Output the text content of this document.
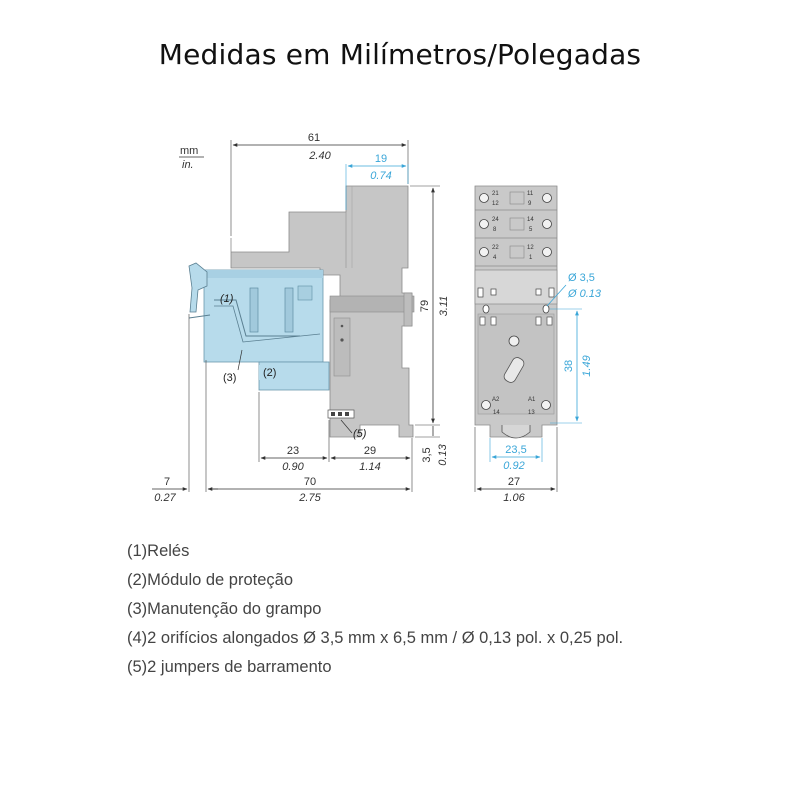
Medidas em Milímetros/Polegadas
mm
in.
(1)
(3) (2)
(5)
61
2.40	19
0.74
79 3.11
3,5 0.13
23
0.90
29
1.14
7
0.27
70
2.75
21	11
12	9
24	14
8	5
22	12
4	1
A2
14
A1
13
Ø 3,5
Ø 0.13
38 1.49
23,5
0.92
27
1.06
(1)Relés
(2)Módulo de proteção
(3)Manutenção do grampo
(4)2 orifícios alongados Ø 3,5 mm x 6,5 mm / Ø 0,13 pol. x 0,25 pol.
(5)2 jumpers de barramento
